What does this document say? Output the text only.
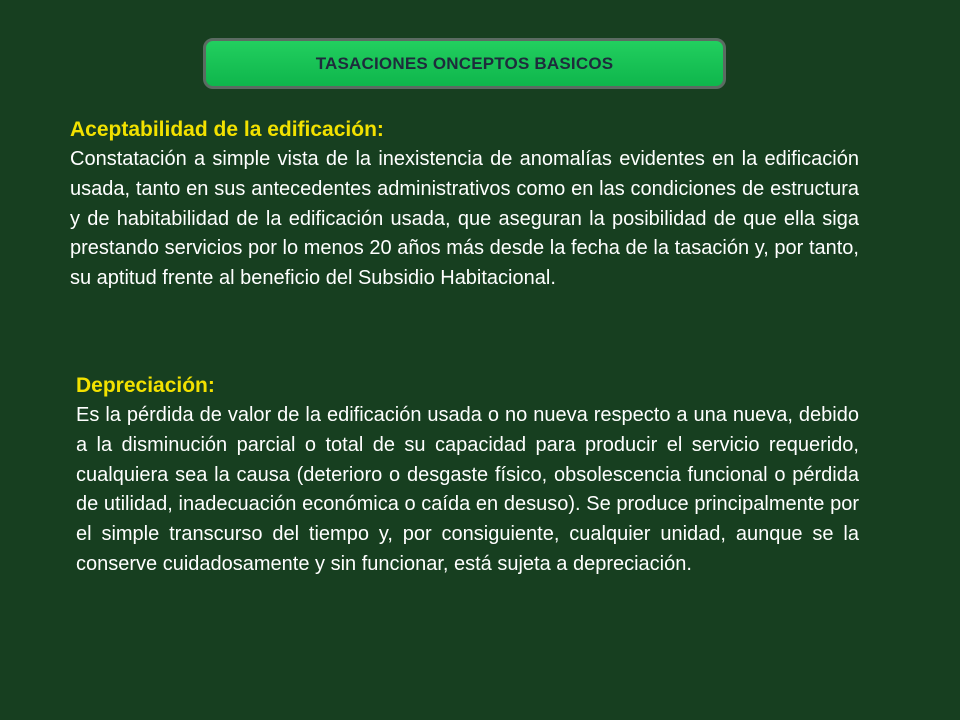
TASACIONES ONCEPTOS BASICOS
Aceptabilidad de la edificación:

Constatación a simple vista de la inexistencia de anomalías evidentes en la edificación usada, tanto en sus antecedentes administrativos como en las condiciones de estructura y de habitabilidad de la edificación usada, que aseguran la posibilidad de que ella siga prestando servicios por lo menos 20 años más desde la fecha de la tasación y, por tanto, su aptitud frente al beneficio del Subsidio Habitacional.

Depreciación:

Es la pérdida de valor de la edificación usada o no nueva respecto a una nueva, debido a la disminución parcial o total de su capacidad para producir el servicio requerido, cualquiera sea la causa (deterioro o desgaste físico, obsolescencia funcional o pérdida de utilidad, inadecuación económica o caída en desuso). Se produce principalmente por el simple transcurso del tiempo y, por consiguiente, cualquier unidad, aunque se la conserve cuidadosamente y sin funcionar, está sujeta a depreciación.
